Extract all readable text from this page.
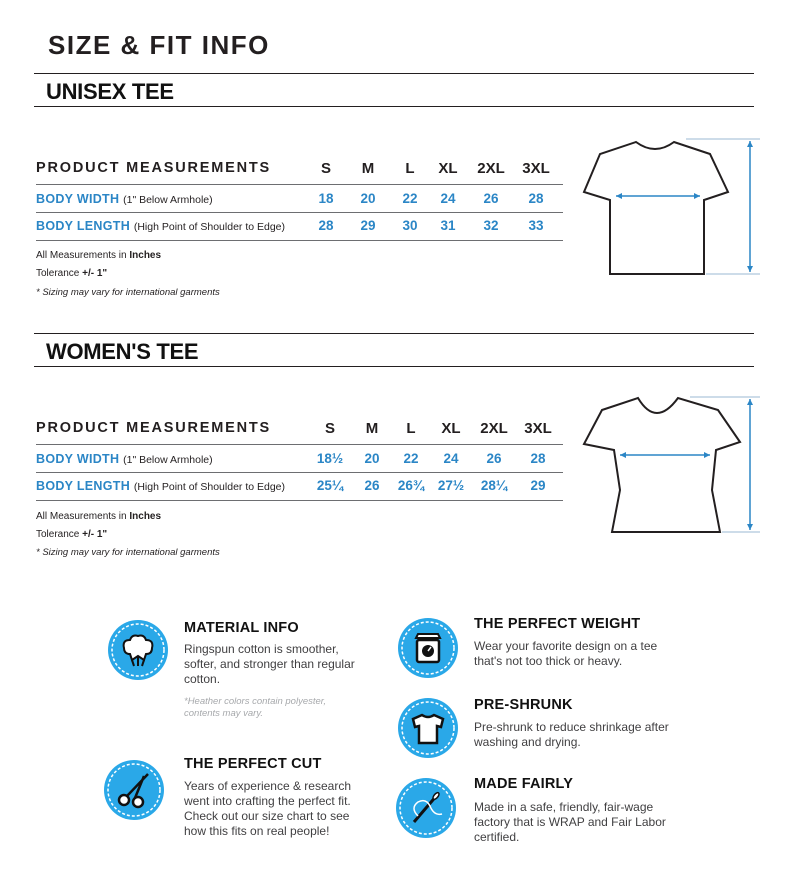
SIZE & FIT INFO
UNISEX TEE
PRODUCT MEASUREMENTS	S	M	L	XL	2XL	3XL
BODY WIDTH (1" Below Armhole)	18	20	22	24	26	28
BODY LENGTH (High Point of Shoulder to Edge)	28	29	30	31	32	33
All Measurements in Inches
Tolerance +/- 1"
* Sizing may vary for international garments
WOMEN'S TEE
PRODUCT MEASUREMENTS	S	M	L	XL	2XL	3XL
BODY WIDTH (1" Below Armhole)	18½	20	22	24	26	28
BODY LENGTH (High Point of Shoulder to Edge)	25¼	26	26¾	27½	28¼	29
All Measurements in Inches
Tolerance +/- 1"
* Sizing may vary for international garments
MATERIAL INFO
Ringspun cotton is smoother, softer, and stronger than regular cotton.
*Heather colors contain polyester, contents may vary.
THE PERFECT CUT
Years of experience & research went into crafting the perfect fit. Check out our size chart to see how this fits on real people!
THE PERFECT WEIGHT
Wear your favorite design on a tee that's not too thick or heavy.
PRE-SHRUNK
Pre-shrunk to reduce shrinkage after washing and drying.
MADE FAIRLY
Made in a safe, friendly, fair-wage factory that is WRAP and Fair Labor certified.
